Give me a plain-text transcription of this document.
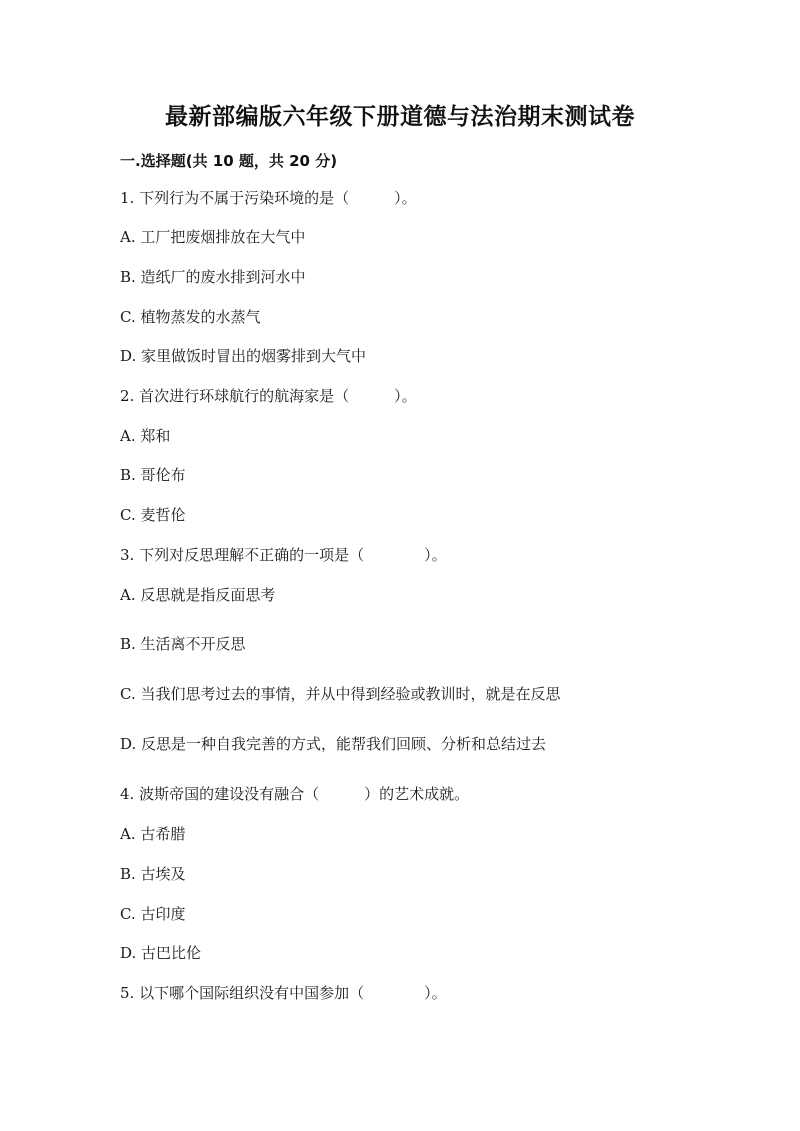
最新部编版六年级下册道德与法治期末测试卷
一.选择题(共 10 题，共 20 分)
1. 下列行为不属于污染环境的是（　　　）。
A. 工厂把废烟排放在大气中
B. 造纸厂的废水排到河水中
C. 植物蒸发的水蒸气
D. 家里做饭时冒出的烟雾排到大气中
2. 首次进行环球航行的航海家是（　　　）。
A. 郑和
B. 哥伦布
C. 麦哲伦
3. 下列对反思理解不正确的一项是（　　　　）。
A. 反思就是指反面思考
B. 生活离不开反思
C. 当我们思考过去的事情，并从中得到经验或教训时，就是在反思
D. 反思是一种自我完善的方式，能帮我们回顾、分析和总结过去
4. 波斯帝国的建设没有融合（　　　）的艺术成就。
A. 古希腊
B. 古埃及
C. 古印度
D. 古巴比伦
5. 以下哪个国际组织没有中国参加（　　　　）。
